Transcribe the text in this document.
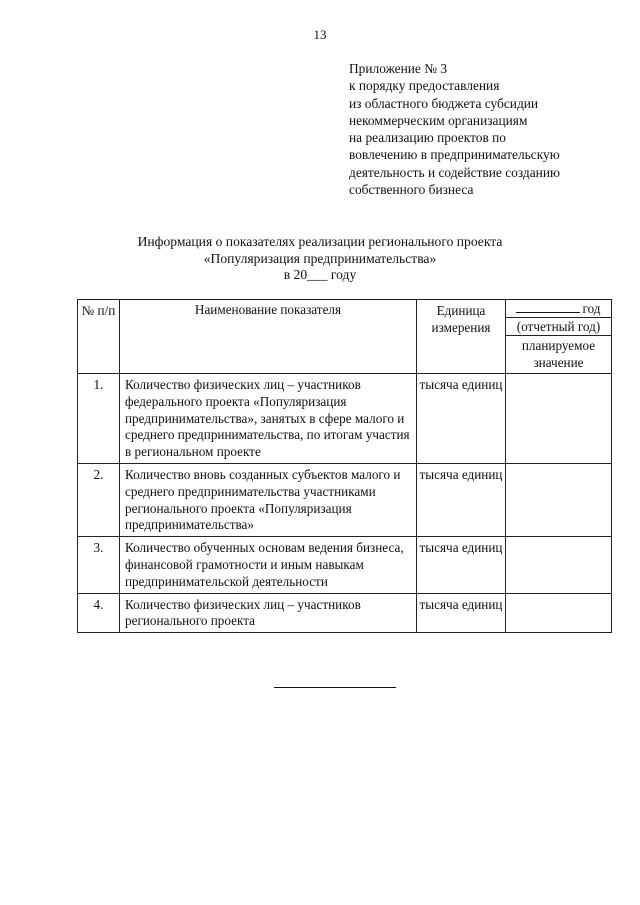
13
Приложение № 3
к порядку предоставления
из областного бюджета субсидии
некоммерческим организациям
на реализацию проектов по
вовлечению в предпринимательскую
деятельность и содействие созданию
собственного бизнеса
Информация о показателях реализации регионального проекта
«Популяризация предпринимательства»
в 20___ году
№ п/п	Наименование показателя	Единица измерения	год
(отчетный год)
планируемое значение

1.	Количество физических лиц – участников федерального проекта «Популяризация предпринимательства», занятых в сфере малого и среднего предпринимательства, по итогам участия в региональном проекте	тысяча единиц	
2.	Количество вновь созданных субъектов малого и среднего предпринимательства участниками регионального проекта «Популяризация предпринимательства»	тысяча единиц	
3.	Количество обученных основам ведения бизнеса, финансовой грамотности и иным навыкам предпринимательской деятельности	тысяча единиц	
4.	Количество физических лиц – участников регионального проекта	тысяча единиц	
